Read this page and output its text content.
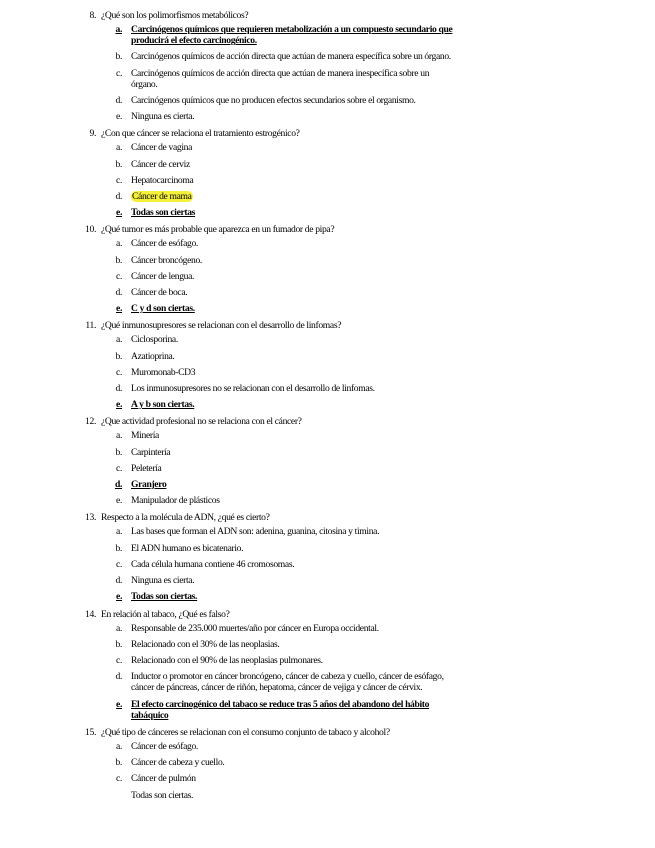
8. ¿Qué son los polimorfismos metabólicos?
a. Carcinógenos químicos que requieren metabolización a un compuesto secundario que producirá el efecto carcinogénico.
b. Carcinógenos químicos de acción directa que actúan de manera específica sobre un órgano.
c. Carcinógenos químicos de acción directa que actúan de manera inespecífica sobre un órgano.
d. Carcinógenos químicos que no producen efectos secundarios sobre el organismo.
e. Ninguna es cierta.
9. ¿Con que cáncer se relaciona el tratamiento estrogénico?
a. Cáncer de vagina
b. Cáncer de cerviz
c. Hepatocarcinoma
d. Cáncer de mama
e. Todas son ciertas
10. ¿Qué tumor es más probable que aparezca en un fumador de pipa?
a. Cáncer de esófago.
b. Cáncer broncógeno.
c. Cáncer de lengua.
d. Cáncer de boca.
e. C y d son ciertas.
11. ¿Qué inmunosupresores se relacionan con el desarrollo de linfomas?
a. Ciclosporina.
b. Azatioprina.
c. Muromonab-CD3
d. Los inmunosupresores no se relacionan con el desarrollo de linfomas.
e. A y b son ciertas.
12. ¿Que actividad profesional no se relaciona con el cáncer?
a. Minería
b. Carpintería
c. Peletería
d. Granjero
e. Manipulador de plásticos
13. Respecto a la molécula de ADN, ¿qué es cierto?
a. Las bases que forman el ADN son: adenina, guanina, citosina y timina.
b. El ADN humano es bicatenario.
c. Cada célula humana contiene 46 cromosomas.
d. Ninguna es cierta.
e. Todas son ciertas.
14. En relación al tabaco, ¿Qué es falso?
a. Responsable de 235.000 muertes/año por cáncer en Europa occidental.
b. Relacionado con el 30% de las neoplasias.
c. Relacionado con el 90% de las neoplasias pulmonares.
d. Inductor o promotor en cáncer broncógeno, cáncer de cabeza y cuello, cáncer de esófago, cáncer de páncreas, cáncer de riñón, hepatoma, cáncer de vejiga y cáncer de cérvix.
e. El efecto carcinogénico del tabaco se reduce tras 5 años del abandono del hábito tabáquico
15. ¿Qué tipo de cánceres se relacionan con el consumo conjunto de tabaco y alcohol?
a. Cáncer de esófago.
b. Cáncer de cabeza y cuello.
c. Cáncer de pulmón
Todas son ciertas.
